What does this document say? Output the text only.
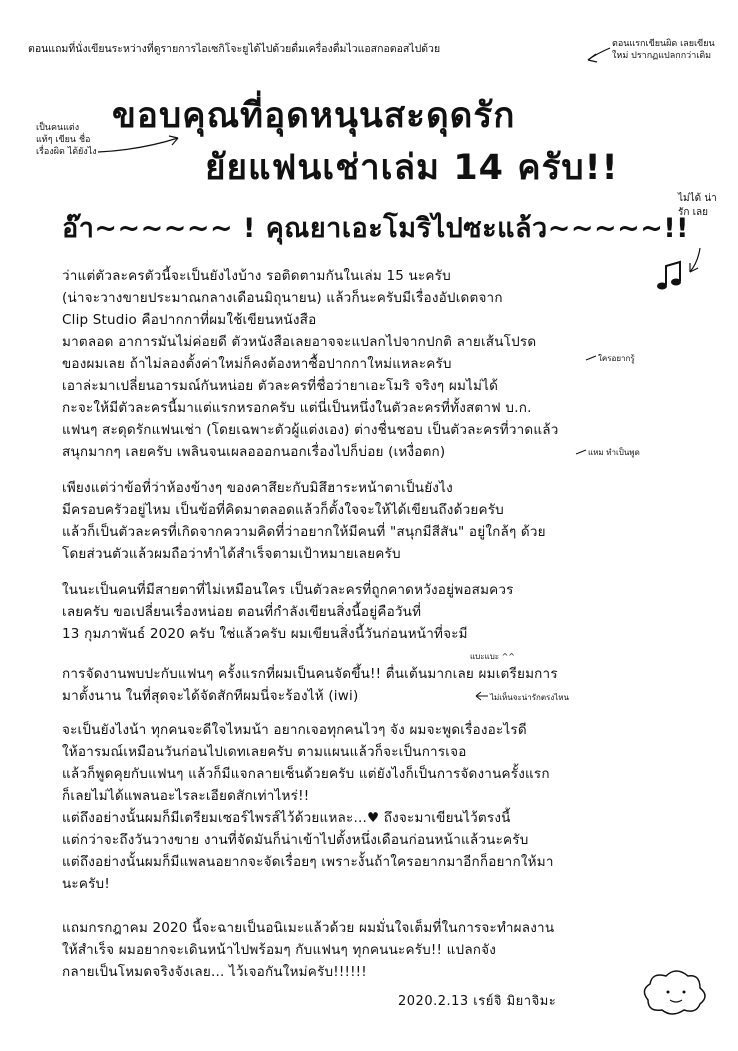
ตอนแถมที่นั่งเขียนระหว่างที่ดูรายการไอเซกิโจะยูได้ไปด้วยดื่มเครื่องดื่มไวแอสกอตอสไปด้วย	ตอนแรกเขียนผิด เลยเขียนใหม่ ปรากฏแปลกกว่าเดิม
เป็นคนแต่ง แท้ๆ เขียน ชื่อเรื่องผิด ได้ยังไง
ขอบคุณที่อุดหนุนสะดุดรัก
ยัยแฟนเช่าเล่ม 14 ครับ!!
อ๊า~~~~~~ ! คุณยาเอะโมริไปซะแล้ว~~~~~!!
ไม่ได้ น่ารัก เลย
ว่าแต่ตัวละครตัวนี้จะเป็นยังไงบ้าง รอติดตามกันในเล่ม 15 นะครับ
(น่าจะวางขายประมาณกลางเดือนมิถุนายน) แล้วก็นะครับมีเรื่องอัปเดตจาก
Clip Studio คือปากกาที่ผมใช้เขียนหนังสือ
มาตลอด อาการมันไม่ค่อยดี ตัวหนังสือเลยอาจจะแปลกไปจากปกติ ลายเส้นโปรด
ของผมเลย ถ้าไม่ลองตั้งค่าใหม่ก็คงต้องหาซื้อปากกาใหม่แหละครับ	ใครอยากรู้
เอาล่ะมาเปลี่ยนอารมณ์กันหน่อย ตัวละครที่ชื่อว่ายาเอะโมริ จริงๆ ผมไม่ได้
กะจะให้มีตัวละครนี้มาแต่แรกหรอกครับ แต่นี่เป็นหนึ่งในตัวละครที่ทั้งสตาฟ บ.ก.
แฟนๆ สะดุดรักแฟนเช่า (โดยเฉพาะตัวผู้แต่งเอง) ต่างชื่นชอบ เป็นตัวละครที่วาดแล้ว
สนุกมากๆ เลยครับ เพลินจนเผลอออกนอกเรื่องไปก็บ่อย (เหงื่อตก)	แหม ทำเป็นพูด
เพียงแต่ว่าข้อที่ว่าห้องข้างๆ ของคาสึยะกับมิสึฮาระหน้าตาเป็นยังไง
มีครอบครัวอยู่ไหม เป็นข้อที่คิดมาตลอดแล้วก็ตั้งใจจะให้ได้เขียนถึงด้วยครับ
แล้วก็เป็นตัวละครที่เกิดจากความคิดที่ว่าอยากให้มีคนที่ "สนุกมีสีสัน" อยู่ใกล้ๆ ด้วย
โดยส่วนตัวแล้วผมถือว่าทำได้สำเร็จตามเป้าหมายเลยครับ
ในนะเป็นคนที่มีสายตาที่ไม่เหมือนใคร เป็นตัวละครที่ถูกคาดหวังอยู่พอสมควร
เลยครับ ขอเปลี่ยนเรื่องหน่อย ตอนที่กำลังเขียนสิ่งนี้อยู่คือวันที่
13 กุมภาพันธ์ 2020 ครับ ใช่แล้วครับ ผมเขียนสิ่งนี้วันก่อนหน้าที่จะมี
แบะแบะ ^^
การจัดงานพบปะกับแฟนๆ ครั้งแรกที่ผมเป็นคนจัดขึ้น!! ตื่นเต้นมากเลย ผมเตรียมการ
มาตั้งนาน ในที่สุดจะได้จัดสักทีผมนี่จะร้องไห้ (iwi)	ไม่เห็นจะน่ารักตรงไหน
จะเป็นยังไงน้า ทุกคนจะดีใจไหมน้า อยากเจอทุกคนไวๆ จัง ผมจะพูดเรื่องอะไรดี
ให้อารมณ์เหมือนวันก่อนไปเดทเลยครับ ตามแผนแล้วก็จะเป็นการเจอ
แล้วก็พูดคุยกับแฟนๆ แล้วก็มีแจกลายเซ็นด้วยครับ แต่ยังไงก็เป็นการจัดงานครั้งแรก
ก็เลยไม่ได้แพลนอะไรละเอียดสักเท่าไหร่!!
แต่ถึงอย่างนั้นผมก็มีเตรียมเซอร์ไพรส์ไว้ด้วยแหละ...♥ ถึงจะมาเขียนไว้ตรงนี้
แต่กว่าจะถึงวันวางขาย งานที่จัดมันก็น่าเข้าไปตั้งหนึ่งเดือนก่อนหน้าแล้วนะครับ
แต่ถึงอย่างนั้นผมก็มีแพลนอยากจะจัดเรื่อยๆ เพราะงั้นถ้าใครอยากมาอีกก็อยากให้มา
นะครับ!
แถมกรกฎาคม 2020 นี้จะฉายเป็นอนิเมะแล้วด้วย ผมมั่นใจเต็มที่ในการจะทำผลงาน
ให้สำเร็จ ผมอยากจะเดินหน้าไปพร้อมๆ กับแฟนๆ ทุกคนนะครับ!! แปลกจัง
กลายเป็นโหมดจริงจังเลย... ไว้เจอกันใหม่ครับ!!!!!!
2020.2.13 เรย์จิ มิยาจิมะ
